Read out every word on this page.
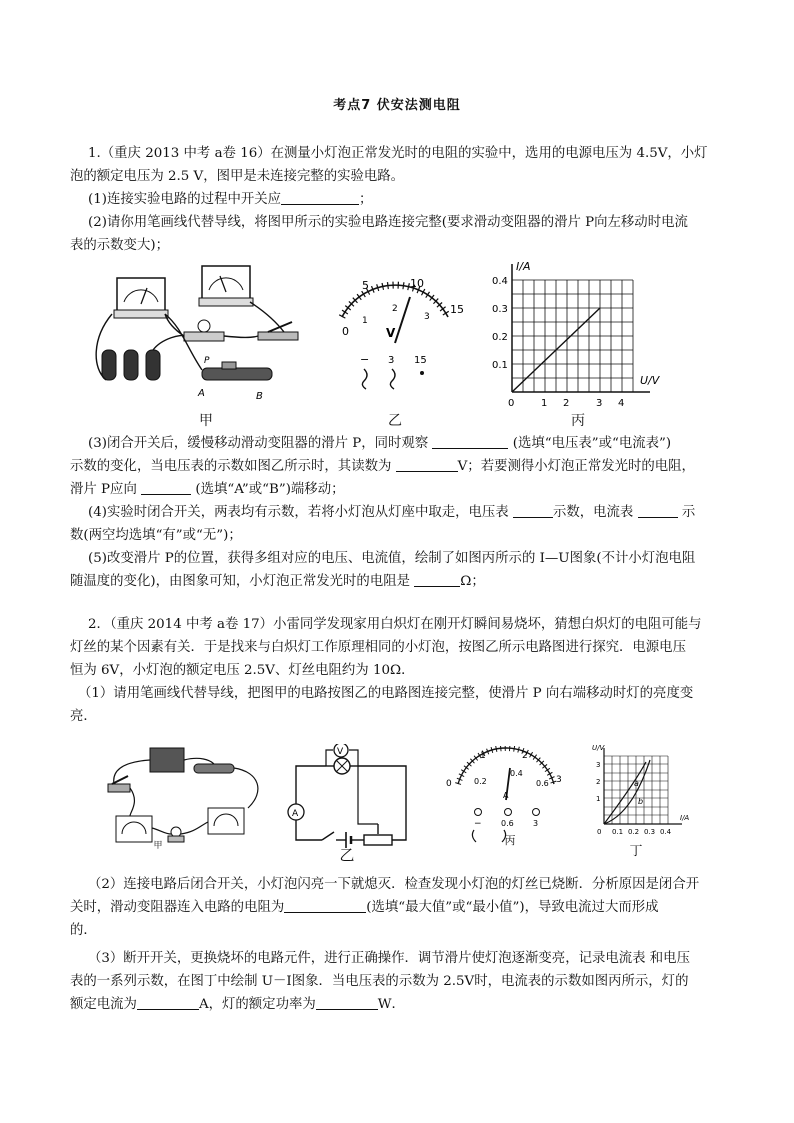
考点7 伏安法测电阻
1.（重庆 2013 中考 a卷 16）在测量小灯泡正常发光时的电阻的实验中，选用的电源电压为 4.5V，小灯
泡的额定电压为 2.5 V，图甲是未连接完整的实验电路。
(1)连接实验电路的过程中开关应	；
(2)请你用笔画线代替导线，将图甲所示的实验电路连接完整(要求滑动变阻器的滑片 P向左移动时电流
表的示数变大)；
P
A	B
0
5	10
15
1
2
3
V
− 3 15
I/A
U/V
0.4
0.3
0.2
0.1
0	1 2	3 4
甲	乙	丙
(3)闭合开关后，缓慢移动滑动变阻器的滑片 P，同时观察	(选填“电压表”或“电流表”)
示数的变化，当电压表的示数如图乙所示时，其读数为	V；若要测得小灯泡正常发光时的电阻，
滑片 P应向	(选填“A”或“B”)端移动；
(4)实验时闭合开关，两表均有示数，若将小灯泡从灯座中取走，电压表	示数，电流表	示
数(两空均选填“有”或“无”)；
(5)改变滑片 P的位置，获得多组对应的电压、电流值，绘制了如图丙所示的 I—U图象(不计小灯泡电阻
随温度的变化)，由图象可知，小灯泡正常发光时的电阻是	Ω；
2．（重庆 2014 中考 a卷 17）小雷同学发现家用白炽灯在刚开灯瞬间易烧坏，猜想白炽灯的电阻可能与
灯丝的某个因素有关．于是找来与白炽灯工作原理相同的小灯泡，按图乙所示电路图进行探究．电源电压
恒为 6V，小灯泡的额定电压 2.5V、灯丝电阻约为 10Ω．
（1）请用笔画线代替导线，把图甲的电路按图乙的电路图连接完整，使滑片 P 向右端移动时灯的亮度变
亮．
甲
V
A
乙
0
1	2
3
0.2
0.4
0.6
A
− 0.6 3
丙
a
b
U/V
I/A
3
2
1
0 0.1 0.2 0.3 0.4
丁
（2）连接电路后闭合开关，小灯泡闪亮一下就熄灭．检查发现小灯泡的灯丝已烧断．分析原因是闭合开
关时，滑动变阻器连入电路的电阻为	(选填“最大值”或“最小值”)，导致电流过大而形成
的．
（3）断开开关，更换烧坏的电路元件，进行正确操作．调节滑片使灯泡逐渐变亮，记录电流表 和电压
表的一系列示数，在图丁中绘制 U－I图象．当电压表的示数为 2.5V时，电流表的示数如图丙所示，灯的
额定电流为	A，灯的额定功率为	W．
